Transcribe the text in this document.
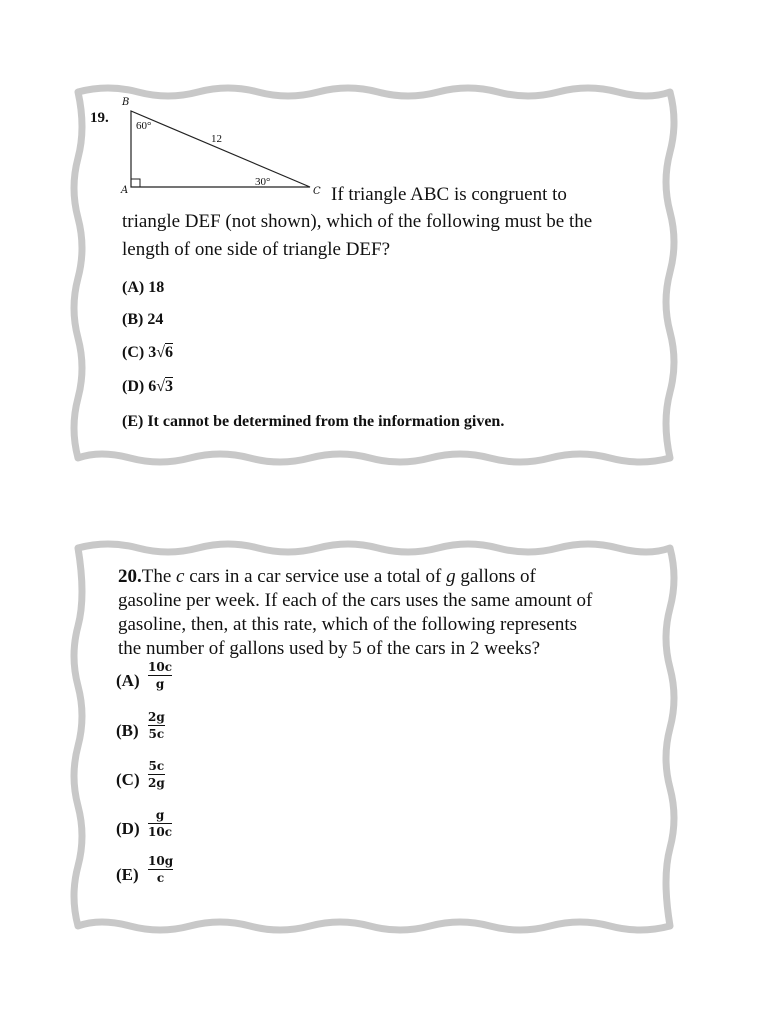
19.
B
A	C
60°
30°
12
If triangle ABC is congruent to
triangle DEF (not shown), which of the following must be the
length of one side of triangle DEF?
(A) 18
(B) 24
(C) 3√6
(D) 6√3
(E) It cannot be determined from the information given.
20.The c cars in a car service use a total of g gallons of
gasoline per week. If each of the cars uses the same amount of
gasoline, then, at this rate, which of the following represents
the number of gallons used by 5 of the cars in 2 weeks?
(A)
10c
g
(B)
2g
5c
(C)
5c
2g
(D)
g
10c
(E)
10g
c
